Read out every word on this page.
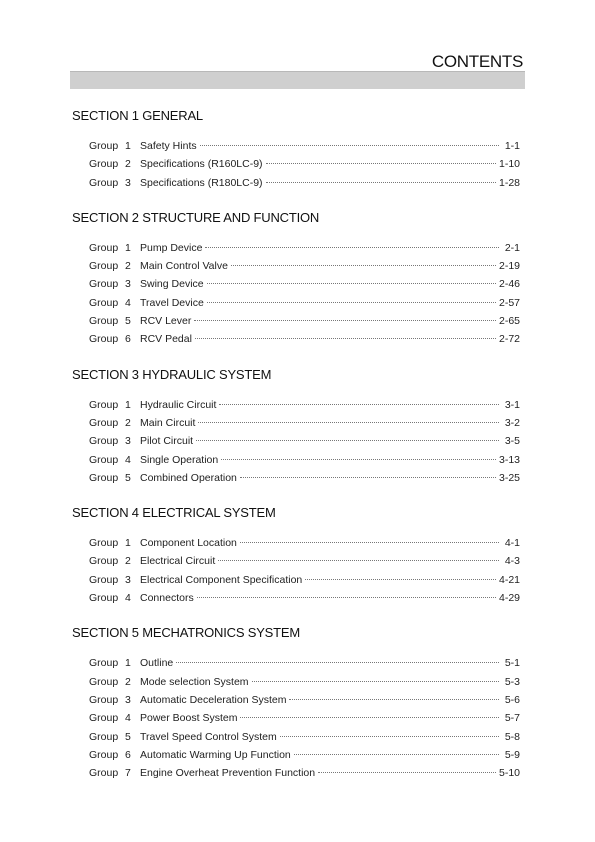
CONTENTS
SECTION 1 GENERAL
Group 1 Safety Hints	1-1
Group 2 Specifications (R160LC-9)	1-10
Group 3 Specifications (R180LC-9)	1-28
SECTION 2 STRUCTURE AND FUNCTION
Group 1 Pump Device	2-1
Group 2 Main Control Valve	2-19
Group 3 Swing Device	2-46
Group 4 Travel Device	2-57
Group 5 RCV Lever	2-65
Group 6 RCV Pedal	2-72
SECTION 3 HYDRAULIC SYSTEM
Group 1 Hydraulic Circuit	3-1
Group 2 Main Circuit	3-2
Group 3 Pilot Circuit	3-5
Group 4 Single Operation	3-13
Group 5 Combined Operation	3-25
SECTION 4 ELECTRICAL SYSTEM
Group 1 Component Location	4-1
Group 2 Electrical Circuit	4-3
Group 3 Electrical Component Specification	4-21
Group 4 Connectors	4-29
SECTION 5 MECHATRONICS SYSTEM
Group 1 Outline	5-1
Group 2 Mode selection System	5-3
Group 3 Automatic Deceleration System	5-6
Group 4 Power Boost System	5-7
Group 5 Travel Speed Control System	5-8
Group 6 Automatic Warming Up Function	5-9
Group 7 Engine Overheat Prevention Function	5-10
